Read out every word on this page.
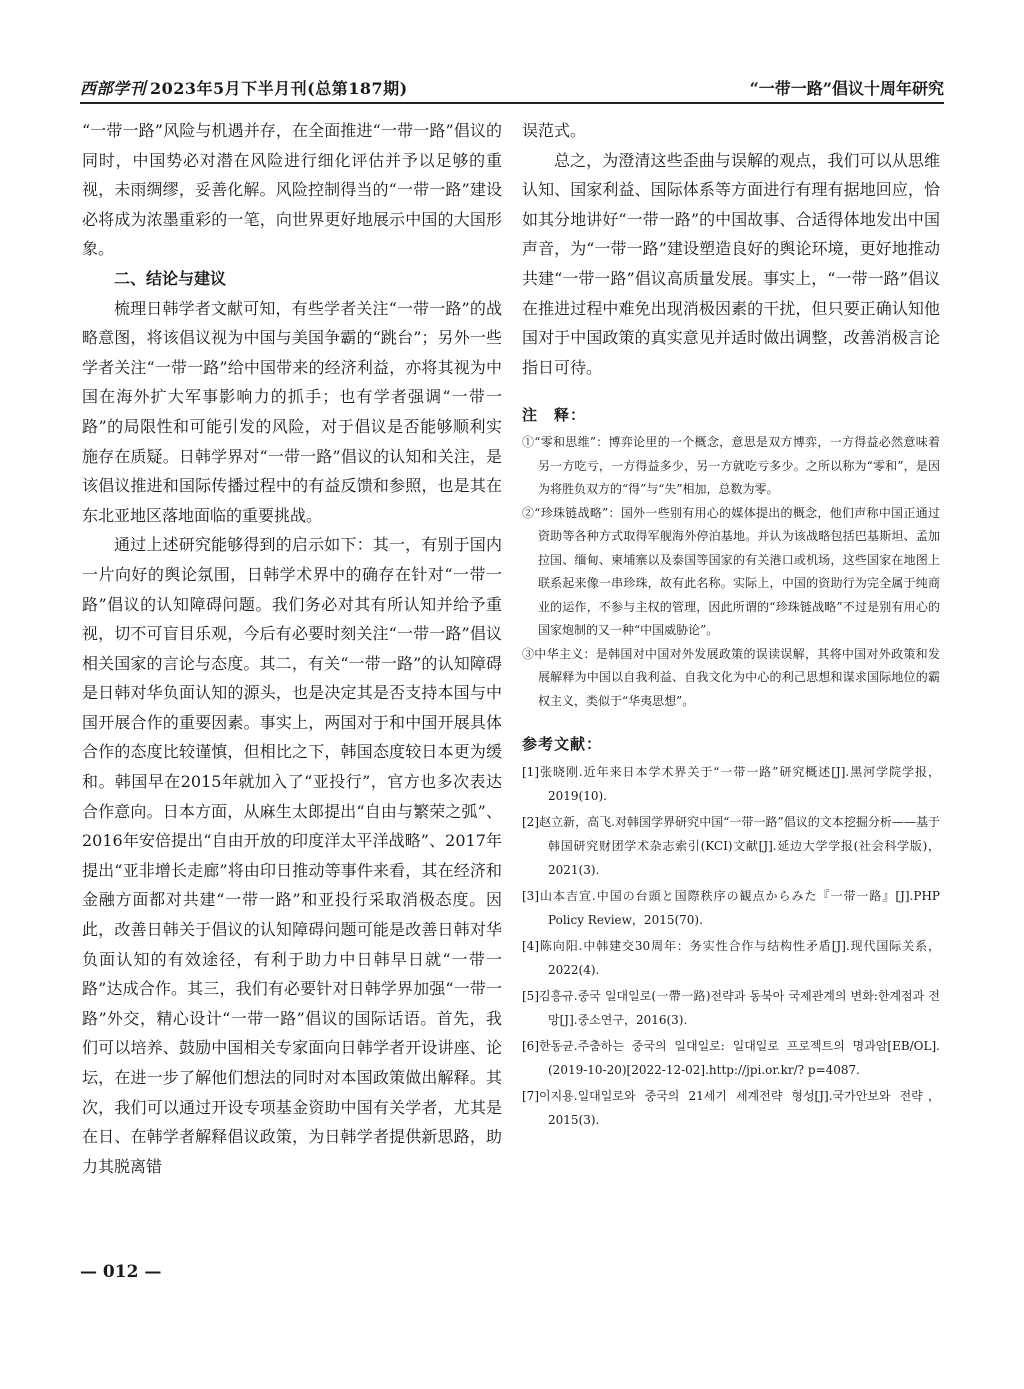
西部学刊 2023年5月下半月刊(总第187期)	“一带一路”倡议十周年研究

“一带一路”风险与机遇并存，在全面推进“一带一路”倡议的同时，中国势必对潜在风险进行细化评估并予以足够的重视，未雨绸缪，妥善化解。风险控制得当的“一带一路”建设必将成为浓墨重彩的一笔，向世界更好地展示中国的大国形象。

二、结论与建议

梳理日韩学者文献可知，有些学者关注“一带一路”的战略意图，将该倡议视为中国与美国争霸的“跳台”；另外一些学者关注“一带一路”给中国带来的经济利益，亦将其视为中国在海外扩大军事影响力的抓手；也有学者强调“一带一路”的局限性和可能引发的风险，对于倡议是否能够顺利实施存在质疑。日韩学界对“一带一路”倡议的认知和关注，是该倡议推进和国际传播过程中的有益反馈和参照，也是其在东北亚地区落地面临的重要挑战。

通过上述研究能够得到的启示如下：其一，有别于国内一片向好的舆论氛围，日韩学术界中的确存在针对“一带一路”倡议的认知障碍问题。我们务必对其有所认知并给予重视，切不可盲目乐观，今后有必要时刻关注“一带一路”倡议相关国家的言论与态度。其二，有关“一带一路”的认知障碍是日韩对华负面认知的源头，也是决定其是否支持本国与中国开展合作的重要因素。事实上，两国对于和中国开展具体合作的态度比较谨慎，但相比之下，韩国态度较日本更为缓和。韩国早在2015年就加入了“亚投行”，官方也多次表达合作意向。日本方面，从麻生太郎提出“自由与繁荣之弧”、2016年安倍提出“自由开放的印度洋太平洋战略”、2017年提出“亚非增长走廊”将由印日推动等事件来看，其在经济和金融方面都对共建“一带一路”和亚投行采取消极态度。因此，改善日韩关于倡议的认知障碍问题可能是改善日韩对华负面认知的有效途径，有利于助力中日韩早日就“一带一路”达成合作。其三，我们有必要针对日韩学界加强“一带一路”外交，精心设计“一带一路”倡议的国际话语。首先，我们可以培养、鼓励中国相关专家面向日韩学者开设讲座、论坛，在进一步了解他们想法的同时对本国政策做出解释。其次，我们可以通过开设专项基金资助中国有关学者，尤其是在日、在韩学者解释倡议政策，为日韩学者提供新思路，助力其脱离错

误范式。

总之，为澄清这些歪曲与误解的观点，我们可以从思维认知、国家利益、国际体系等方面进行有理有据地回应，恰如其分地讲好“一带一路”的中国故事、合适得体地发出中国声音，为“一带一路”建设塑造良好的舆论环境，更好地推动共建“一带一路”倡议高质量发展。事实上，“一带一路”倡议在推进过程中难免出现消极因素的干扰，但只要正确认知他国对于中国政策的真实意见并适时做出调整，改善消极言论指日可待。

注　释：

①“零和思维”：博弈论里的一个概念，意思是双方博弈，一方得益必然意味着另一方吃亏，一方得益多少，另一方就吃亏多少。之所以称为“零和”，是因为将胜负双方的“得”与“失”相加，总数为零。

②“珍珠链战略”：国外一些别有用心的媒体提出的概念，他们声称中国正通过资助等各种方式取得军舰海外停泊基地。并认为该战略包括巴基斯坦、孟加拉国、缅甸、柬埔寨以及泰国等国家的有关港口或机场，这些国家在地图上联系起来像一串珍珠，故有此名称。实际上，中国的资助行为完全属于纯商业的运作，不参与主权的管理，因此所谓的“珍珠链战略”不过是别有用心的国家炮制的又一种“中国威胁论”。

③中华主义：是韩国对中国对外发展政策的误读误解，其将中国对外政策和发展解释为中国以自我利益、自我文化为中心的利己思想和谋求国际地位的霸权主义，类似于“华夷思想”。

参考文献：

[1]张晓刚.近年来日本学术界关于“一带一路”研究概述[J].黑河学院学报，2019(10).

[2]赵立新，高飞.对韩国学界研究中国“一带一路”倡议的文本挖掘分析——基于韩国研究财团学术杂志索引(KCI)文献[J].延边大学学报(社会科学版)，2021(3).

[3]山本吉宣.中国の台頭と国際秩序の観点からみた『一带一路』[J].PHP Policy Review，2015(70).

[4]陈向阳.中韩建交30周年：务实性合作与结构性矛盾[J].现代国际关系，2022(4).

[5]김흥규.중국 일대일로(一帶一路)전략과 동북아 국제관계의 변화:한계점과 전망[J].중소연구，2016(3).

[6]한동균.주춤하는 중국의 일대일로: 일대일로 프로젝트의 명과암[EB/OL].(2019-10-20)[2022-12-02].http://jpi.or.kr/? p=4087.

[7]이지용.일대일로와 중국의 21세기 세계전략 형성[J].국가안보와 전략，2015(3).

— 012 —
